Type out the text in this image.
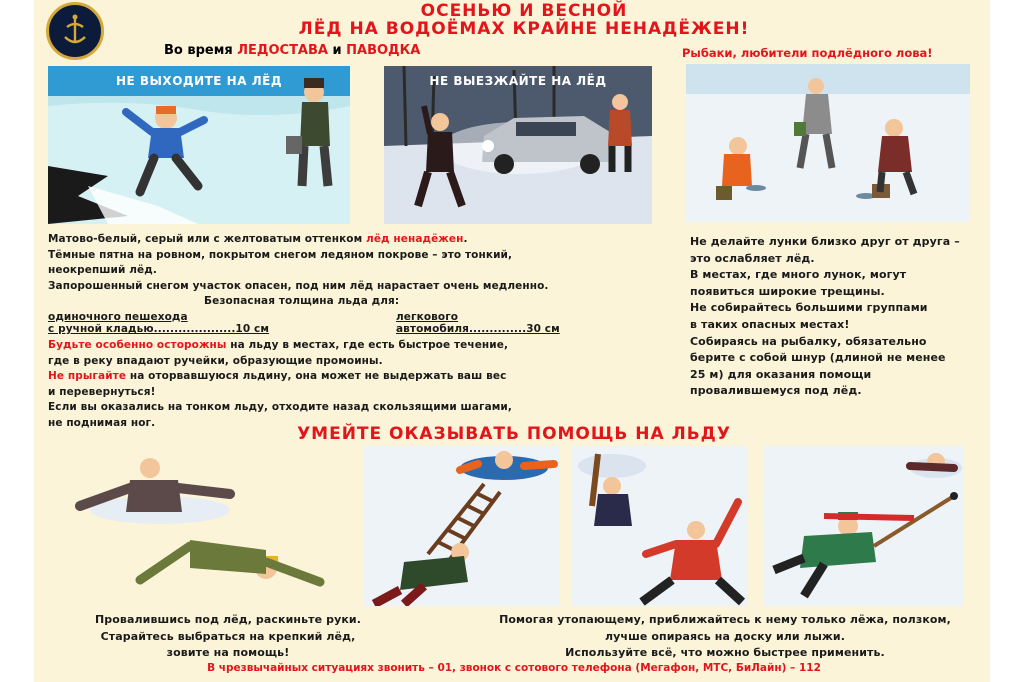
ОСЕНЬЮ И ВЕСНОЙ
ЛЁД НА ВОДОЁМАХ КРАЙНЕ НЕНАДЁЖЕН!
Во время ЛЕДОСТАВА и ПАВОДКА	Рыбаки, любители подлёдного лова!
НЕ ВЫХОДИТЕ НА ЛЁД	НЕ ВЫЕЗЖАЙТЕ НА ЛЁД
Матово-белый, серый или с желтоватым оттенком лёд ненадёжен.
Тёмные пятна на ровном, покрытом снегом ледяном покрове – это тонкий,
неокрепший лёд.
Запорошенный снегом участок опасен, под ним лёд нарастает очень медленно.
Безопасная толщина льда для:
одиночного пешехода
с ручной кладью....................10 см
легкового
автомобиля..............30 см
Будьте особенно осторожны на льду в местах, где есть быстрое течение,
где в реку впадают ручейки, образующие промоины.
Не прыгайте на оторвавшуюся льдину, она может не выдержать ваш вес
и перевернуться!
Если вы оказались на тонком льду, отходите назад скользящими шагами,
не поднимая ног.
Не делайте лунки близко друг от друга –
это ослабляет лёд.
В местах, где много лунок, могут
появиться широкие трещины.
Не собирайтесь большими группами
в таких опасных местах!
Собираясь на рыбалку, обязательно
берите с собой шнур (длиной не менее
25 м) для оказания помощи
провалившемуся под лёд.
УМЕЙТЕ ОКАЗЫВАТЬ ПОМОЩЬ НА ЛЬДУ
Провалившись под лёд, раскиньте руки.
Старайтесь выбраться на крепкий лёд,
зовите на помощь!
Помогая утопающему, приближайтесь к нему только лёжа, ползком,
лучше опираясь на доску или лыжи.
Используйте всё, что можно быстрее применить.
В чрезвычайных ситуациях звонить – 01, звонок с сотового телефона (Мегафон, МТС, БиЛайн) – 112
